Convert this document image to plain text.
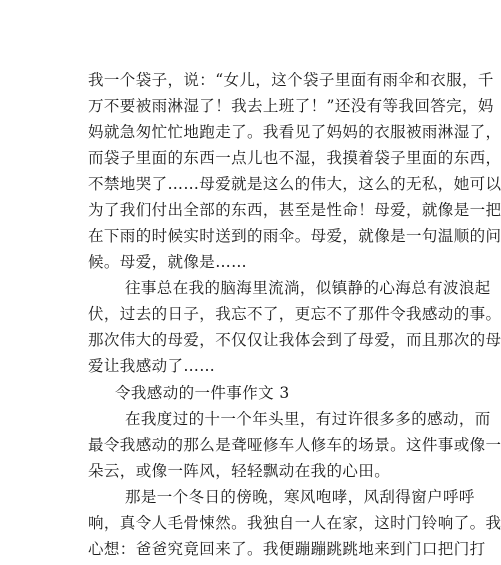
我一个袋子，说：“女儿，这个袋子里面有雨伞和衣服，千
万不要被雨淋湿了！我去上班了！”还没有等我回答完，妈
妈就急匆忙忙地跑走了。我看见了妈妈的衣服被雨淋湿了，
而袋子里面的东西一点儿也不湿，我摸着袋子里面的东西，
不禁地哭了……母爱就是这么的伟大，这么的无私，她可以
为了我们付出全部的东西，甚至是性命！母爱，就像是一把
在下雨的时候实时送到的雨伞。母爱，就像是一句温顺的问
候。母爱，就像是……
往事总在我的脑海里流淌，似镇静的心海总有波浪起
伏，过去的日子，我忘不了，更忘不了那件令我感动的事。
那次伟大的母爱，不仅仅让我体会到了母爱，而且那次的母
爱让我感动了……
令我感动的一件事作文 3
在我度过的十一个年头里，有过许很多多的感动，而
最令我感动的那么是聋哑修车人修车的场景。这件事或像一
朵云，或像一阵风，轻轻飘动在我的心田。
那是一个冬日的傍晚，寒风咆哮，风刮得窗户呼呼
响，真令人毛骨悚然。我独自一人在家，这时门铃响了。我
心想：爸爸究竟回来了。我便蹦蹦跳跳地来到门口把门打
